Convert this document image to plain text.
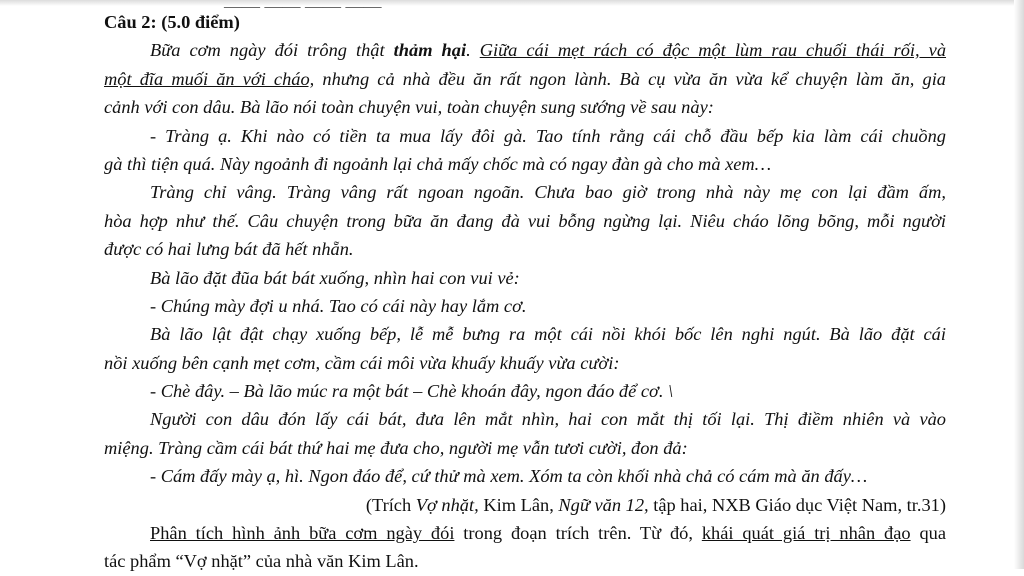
—— —— —— ——
Câu 2: (5.0 điểm)
Bữa cơm ngày đói trông thật thảm hại. Giữa cái mẹt rách có độc một lùm rau chuối thái rối, và
một đĩa muối ăn với cháo, nhưng cả nhà đều ăn rất ngon lành. Bà cụ vừa ăn vừa kể chuyện làm ăn, gia
cảnh với con dâu. Bà lão nói toàn chuyện vui, toàn chuyện sung sướng về sau này:
- Tràng ạ. Khi nào có tiền ta mua lấy đôi gà. Tao tính rằng cái chỗ đầu bếp kia làm cái chuồng
gà thì tiện quá. Này ngoảnh đi ngoảnh lại chả mấy chốc mà có ngay đàn gà cho mà xem…
Tràng chỉ vâng. Tràng vâng rất ngoan ngoãn. Chưa bao giờ trong nhà này mẹ con lại đầm ấm,
hòa hợp như thế. Câu chuyện trong bữa ăn đang đà vui bỗng ngừng lại. Niêu cháo lõng bõng, mỗi người
được có hai lưng bát đã hết nhẵn.
Bà lão đặt đũa bát bát xuống, nhìn hai con vui vẻ:
- Chúng mày đợi u nhá. Tao có cái này hay lắm cơ.
Bà lão lật đật chạy xuống bếp, lễ mễ bưng ra một cái nồi khói bốc lên nghi ngút. Bà lão đặt cái
nồi xuống bên cạnh mẹt cơm, cầm cái môi vừa khuấy khuấy vừa cười:
- Chè đây. – Bà lão múc ra một bát – Chè khoán đây, ngon đáo để cơ. \
Người con dâu đón lấy cái bát, đưa lên mắt nhìn, hai con mắt thị tối lại. Thị điềm nhiên và vào
miệng. Tràng cầm cái bát thứ hai mẹ đưa cho, người mẹ vẫn tươi cười, đon đả:
- Cám đấy mày ạ, hì. Ngon đáo để, cứ thử mà xem. Xóm ta còn khối nhà chả có cám mà ăn đấy…
(Trích Vợ nhặt, Kim Lân, Ngữ văn 12, tập hai, NXB Giáo dục Việt Nam, tr.31)
Phân tích hình ảnh bữa cơm ngày đói trong đoạn trích trên. Từ đó, khái quát giá trị nhân đạo qua
tác phẩm “Vợ nhặt” của nhà văn Kim Lân.
